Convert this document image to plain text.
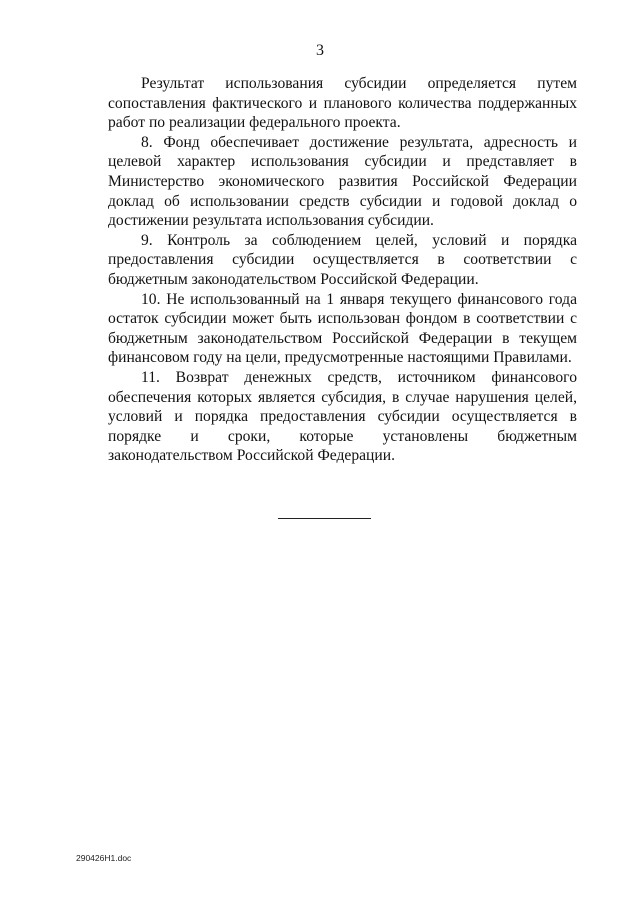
3

Результат использования субсидии определяется путем сопоставления фактического и планового количества поддержанных работ по реализации федерального проекта.

8. Фонд обеспечивает достижение результата, адресность и целевой характер использования субсидии и представляет в Министерство экономического развития Российской Федерации доклад об использовании средств субсидии и годовой доклад о достижении результата использования субсидии.

9. Контроль за соблюдением целей, условий и порядка предоставления субсидии осуществляется в соответствии с бюджетным законодательством Российской Федерации.

10. Не использованный на 1 января текущего финансового года остаток субсидии может быть использован фондом в соответствии с бюджетным законодательством Российской Федерации в текущем финансовом году на цели, предусмотренные настоящими Правилами.

11. Возврат денежных средств, источником финансового обеспечения которых является субсидия, в случае нарушения целей, условий и порядка предоставления субсидии осуществляется в порядке и сроки, которые установлены бюджетным законодательством Российской Федерации.

290426Н1.doc
